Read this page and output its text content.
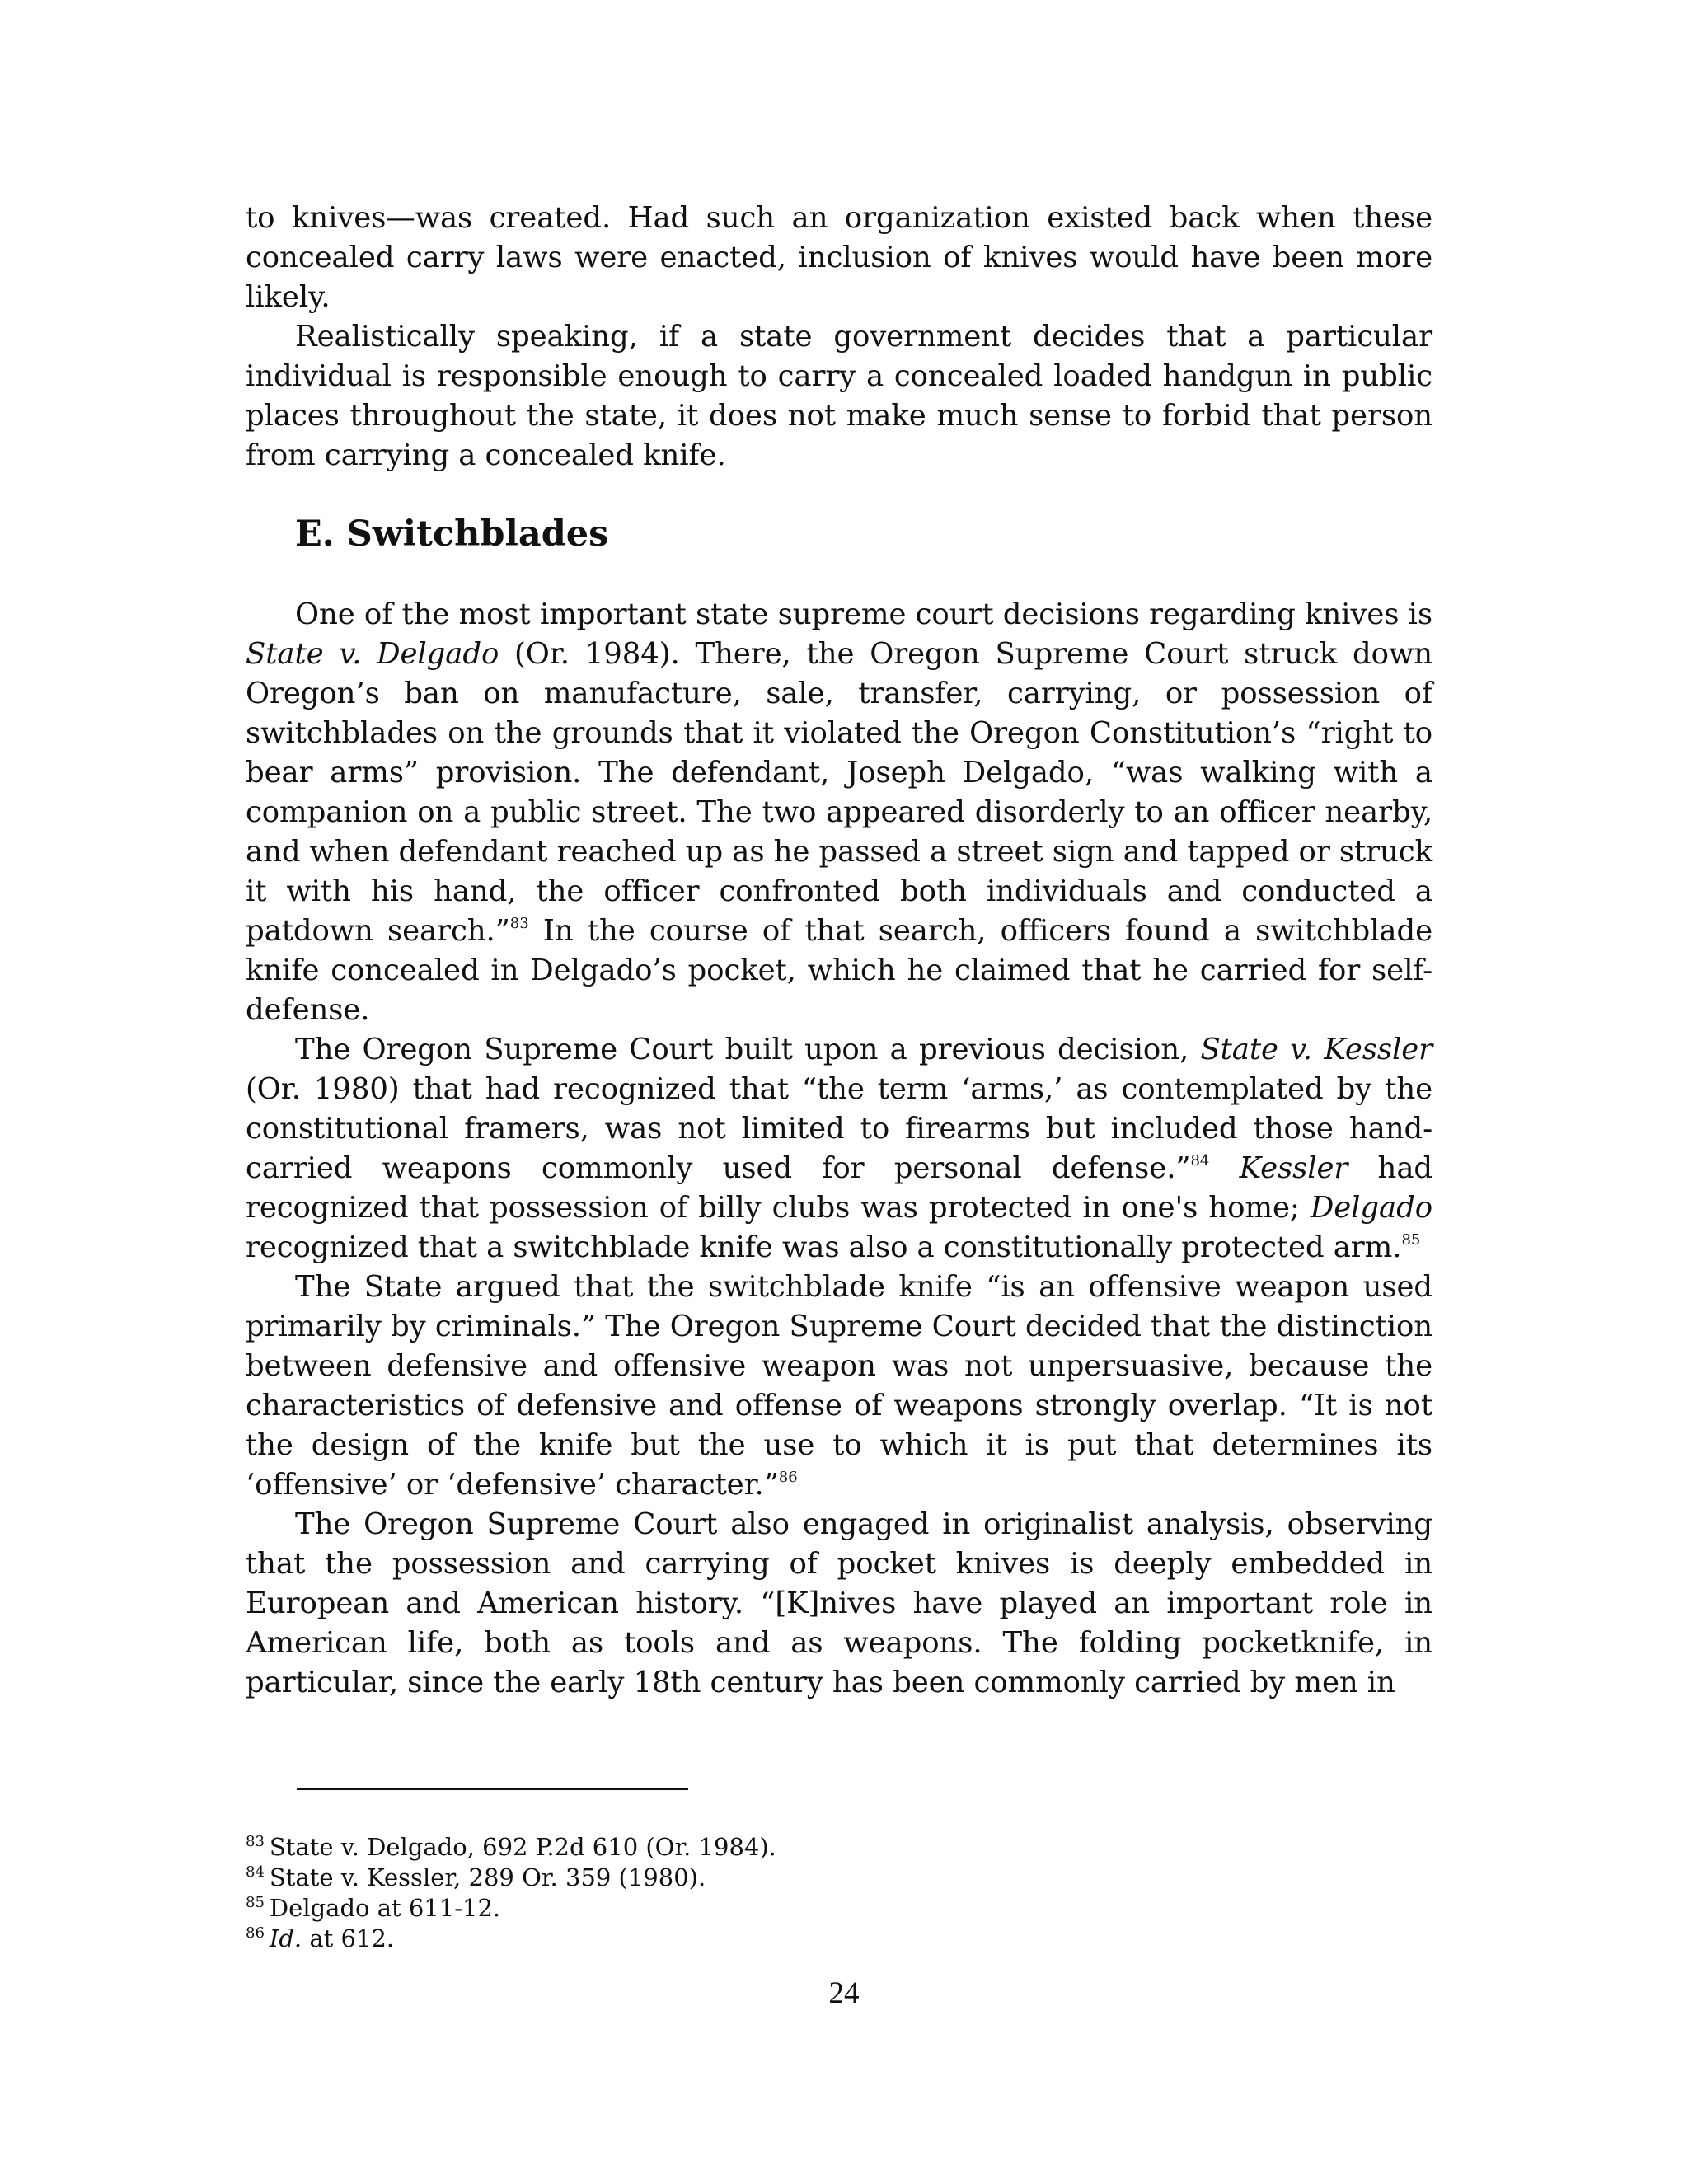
to knives—was created. Had such an organization existed back when these concealed carry laws were enacted, inclusion of knives would have been more likely.

Realistically speaking, if a state government decides that a particular individual is responsible enough to carry a concealed loaded handgun in public places throughout the state, it does not make much sense to forbid that person from carrying a concealed knife.

E. Switchblades

One of the most important state supreme court decisions regarding knives is State v. Delgado (Or. 1984). There, the Oregon Supreme Court struck down Oregon’s ban on manufacture, sale, transfer, carrying, or possession of switchblades on the grounds that it violated the Oregon Constitution’s “right to bear arms” provision. The defendant, Joseph Delgado, “was walking with a companion on a public street. The two appeared disorderly to an officer nearby, and when defendant reached up as he passed a street sign and tapped or struck it with his hand, the officer confronted both individuals and conducted a patdown search.”$^{83}$ In the course of that search, officers found a switchblade knife concealed in Delgado’s pocket, which he claimed that he carried for self-defense.

The Oregon Supreme Court built upon a previous decision, State v. Kessler (Or. 1980) that had recognized that “the term ‘arms,’ as contemplated by the constitutional framers, was not limited to firearms but included those hand-carried weapons commonly used for personal defense.”$^{84}$ Kessler had recognized that possession of billy clubs was protected in one's home; Delgado recognized that a switchblade knife was also a constitutionally protected arm.$^{85}$

The State argued that the switchblade knife “is an offensive weapon used primarily by criminals.” The Oregon Supreme Court decided that the distinction between defensive and offensive weapon was not unpersuasive, because the characteristics of defensive and offense of weapons strongly overlap. “It is not the design of the knife but the use to which it is put that determines its ‘offensive’ or ‘defensive’ character.”$^{86}$

The Oregon Supreme Court also engaged in originalist analysis, observing that the possession and carrying of pocket knives is deeply embedded in European and American history. “[K]nives have played an important role in American life, both as tools and as weapons. The folding pocketknife, in particular, since the early 18th century has been commonly carried by men in

$^{83}$ State v. Delgado, 692 P.2d 610 (Or. 1984).

$^{84}$ State v. Kessler, 289 Or. 359 (1980).

$^{85}$ Delgado at 611-12.

$^{86}$ Id. at 612.

24
